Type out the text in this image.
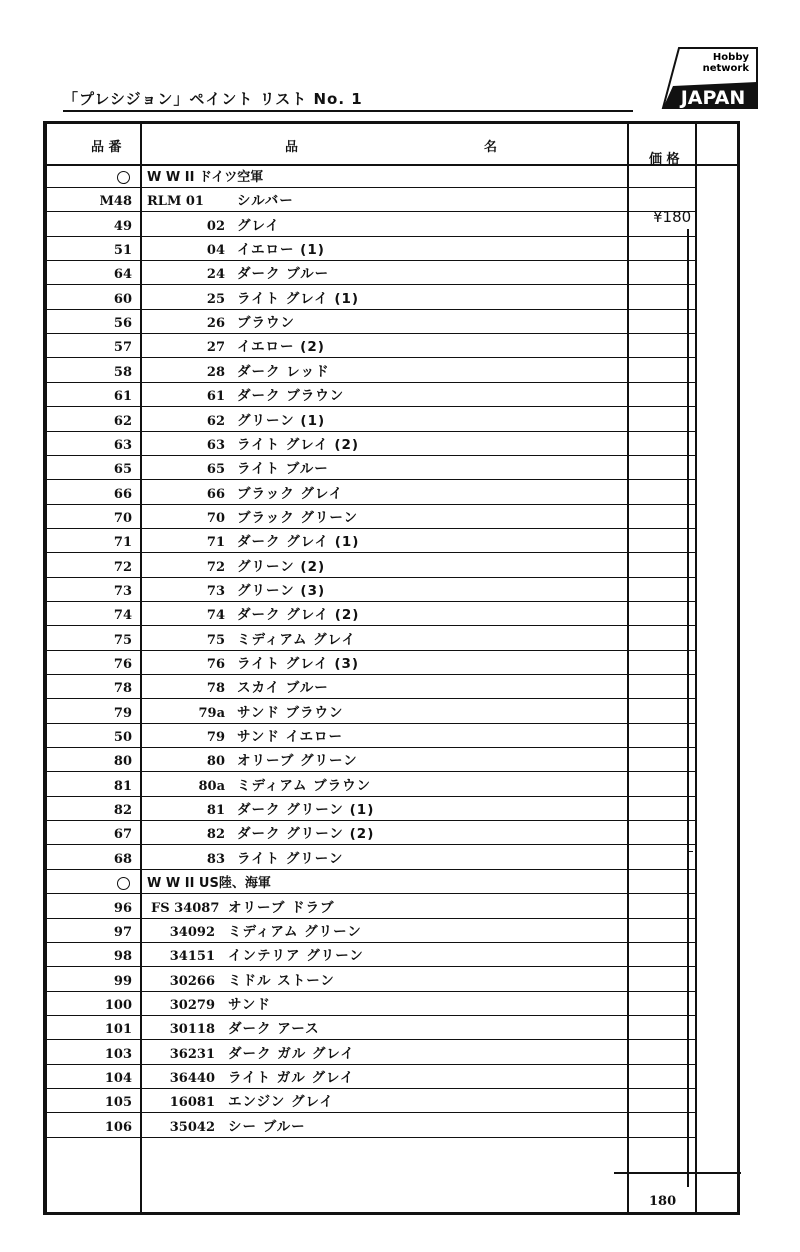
「プレシジョン」ペイント リスト No. 1
Hobby
network
JAPAN
品 番	品	名
価 格
W W II ドイツ空軍
M48	RLM 01 シルバー
49	02 グレイ
51	04 イエロー (1)
64	24 ダーク ブルー
60	25 ライト グレイ (1)
56	26 ブラウン
57	27 イエロー (2)
58	28 ダーク レッド
61	61 ダーク ブラウン
62	62 グリーン (1)
63	63 ライト グレイ (2)
65	65 ライト ブルー
66	66 ブラック グレイ
70	70 ブラック グリーン
71	71 ダーク グレイ (1)
72	72 グリーン (2)
73	73 グリーン (3)
74	74 ダーク グレイ (2)
75	75 ミディアム グレイ
76	76 ライト グレイ (3)
78	78 スカイ ブルー
79	79a サンド ブラウン
50	79 サンド イエロー
80	80 オリーブ グリーン
81	80a ミディアム ブラウン
82	81 ダーク グリーン (1)
67	82 ダーク グリーン (2)
68	83 ライト グリーン
W W II US陸、海軍
96	FS 34087 オリーブ ドラブ
97	34092 ミディアム グリーン
98	34151 インテリア グリーン
99	30266 ミドル ストーン
100	30279 サンド
101	30118 ダーク アース
103	36231 ダーク ガル グレイ
104	36440 ライト ガル グレイ
105	16081 エンジン グレイ
106	35042 シー ブルー
¥180
180
